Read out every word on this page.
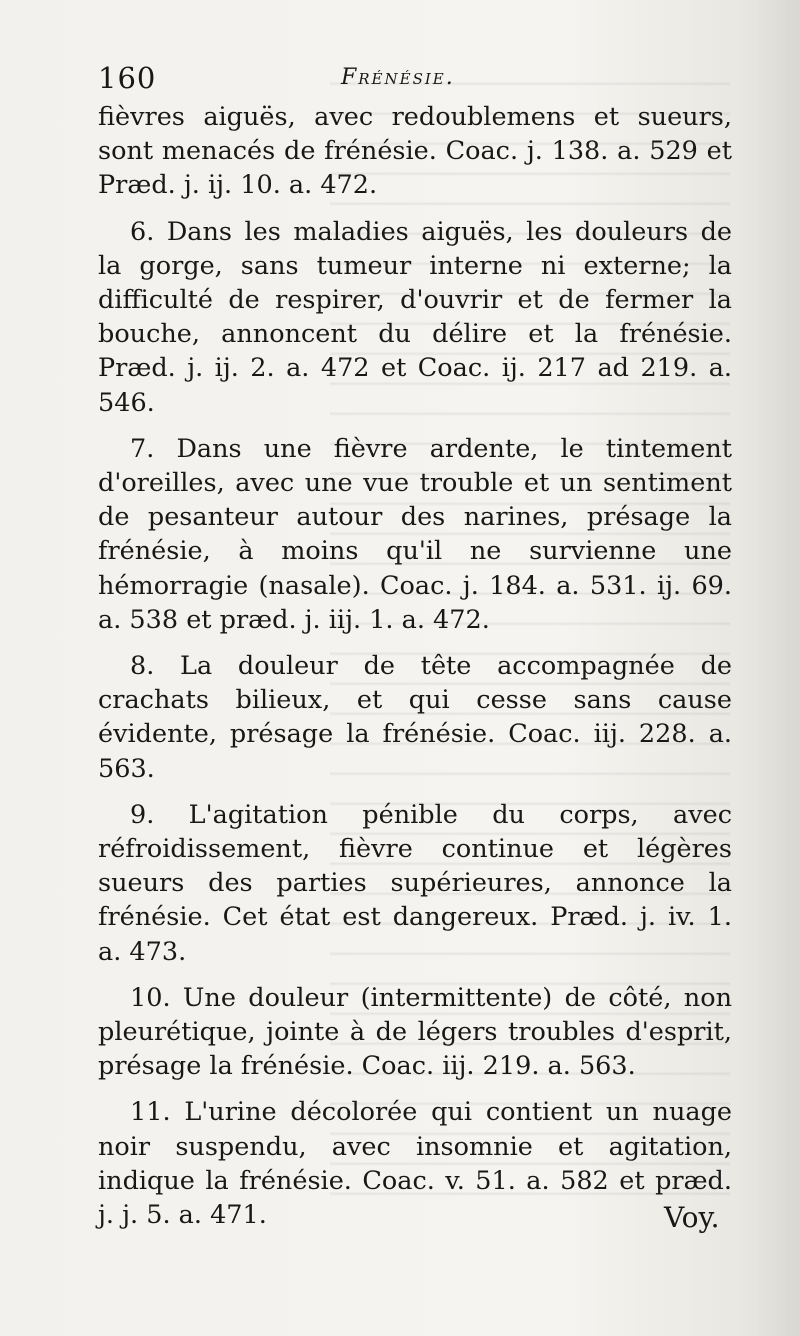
160	Frénésie.

fièvres aiguës, avec redoublemens et sueurs, sont menacés de frénésie. Coac. j. 138. a. 529 et Præd. j. ij. 10. a. 472.

6. Dans les maladies aiguës, les douleurs de la gorge, sans tumeur interne ni externe; la difficulté de respirer, d'ouvrir et de fermer la bouche, annoncent du délire et la frénésie. Præd. j. ij. 2. a. 472 et Coac. ij. 217 ad 219. a. 546.

7. Dans une fièvre ardente, le tintement d'oreilles, avec une vue trouble et un sentiment de pesanteur autour des narines, présage la frénésie, à moins qu'il ne survienne une hémorragie (nasale). Coac. j. 184. a. 531. ij. 69. a. 538 et præd. j. iij. 1. a. 472.

8. La douleur de tête accompagnée de crachats bilieux, et qui cesse sans cause évidente, présage la frénésie. Coac. iij. 228. a. 563.

9. L'agitation pénible du corps, avec réfroidissement, fièvre continue et légères sueurs des parties supérieures, annonce la frénésie. Cet état est dangereux. Præd. j. iv. 1. a. 473.

10. Une douleur (intermittente) de côté, non pleurétique, jointe à de légers troubles d'esprit, présage la frénésie. Coac. iij. 219. a. 563.

11. L'urine décolorée qui contient un nuage noir suspendu, avec insomnie et agitation, indique la frénésie. Coac. v. 51. a. 582 et præd. j. j. 5. a. 471.	Voy.
